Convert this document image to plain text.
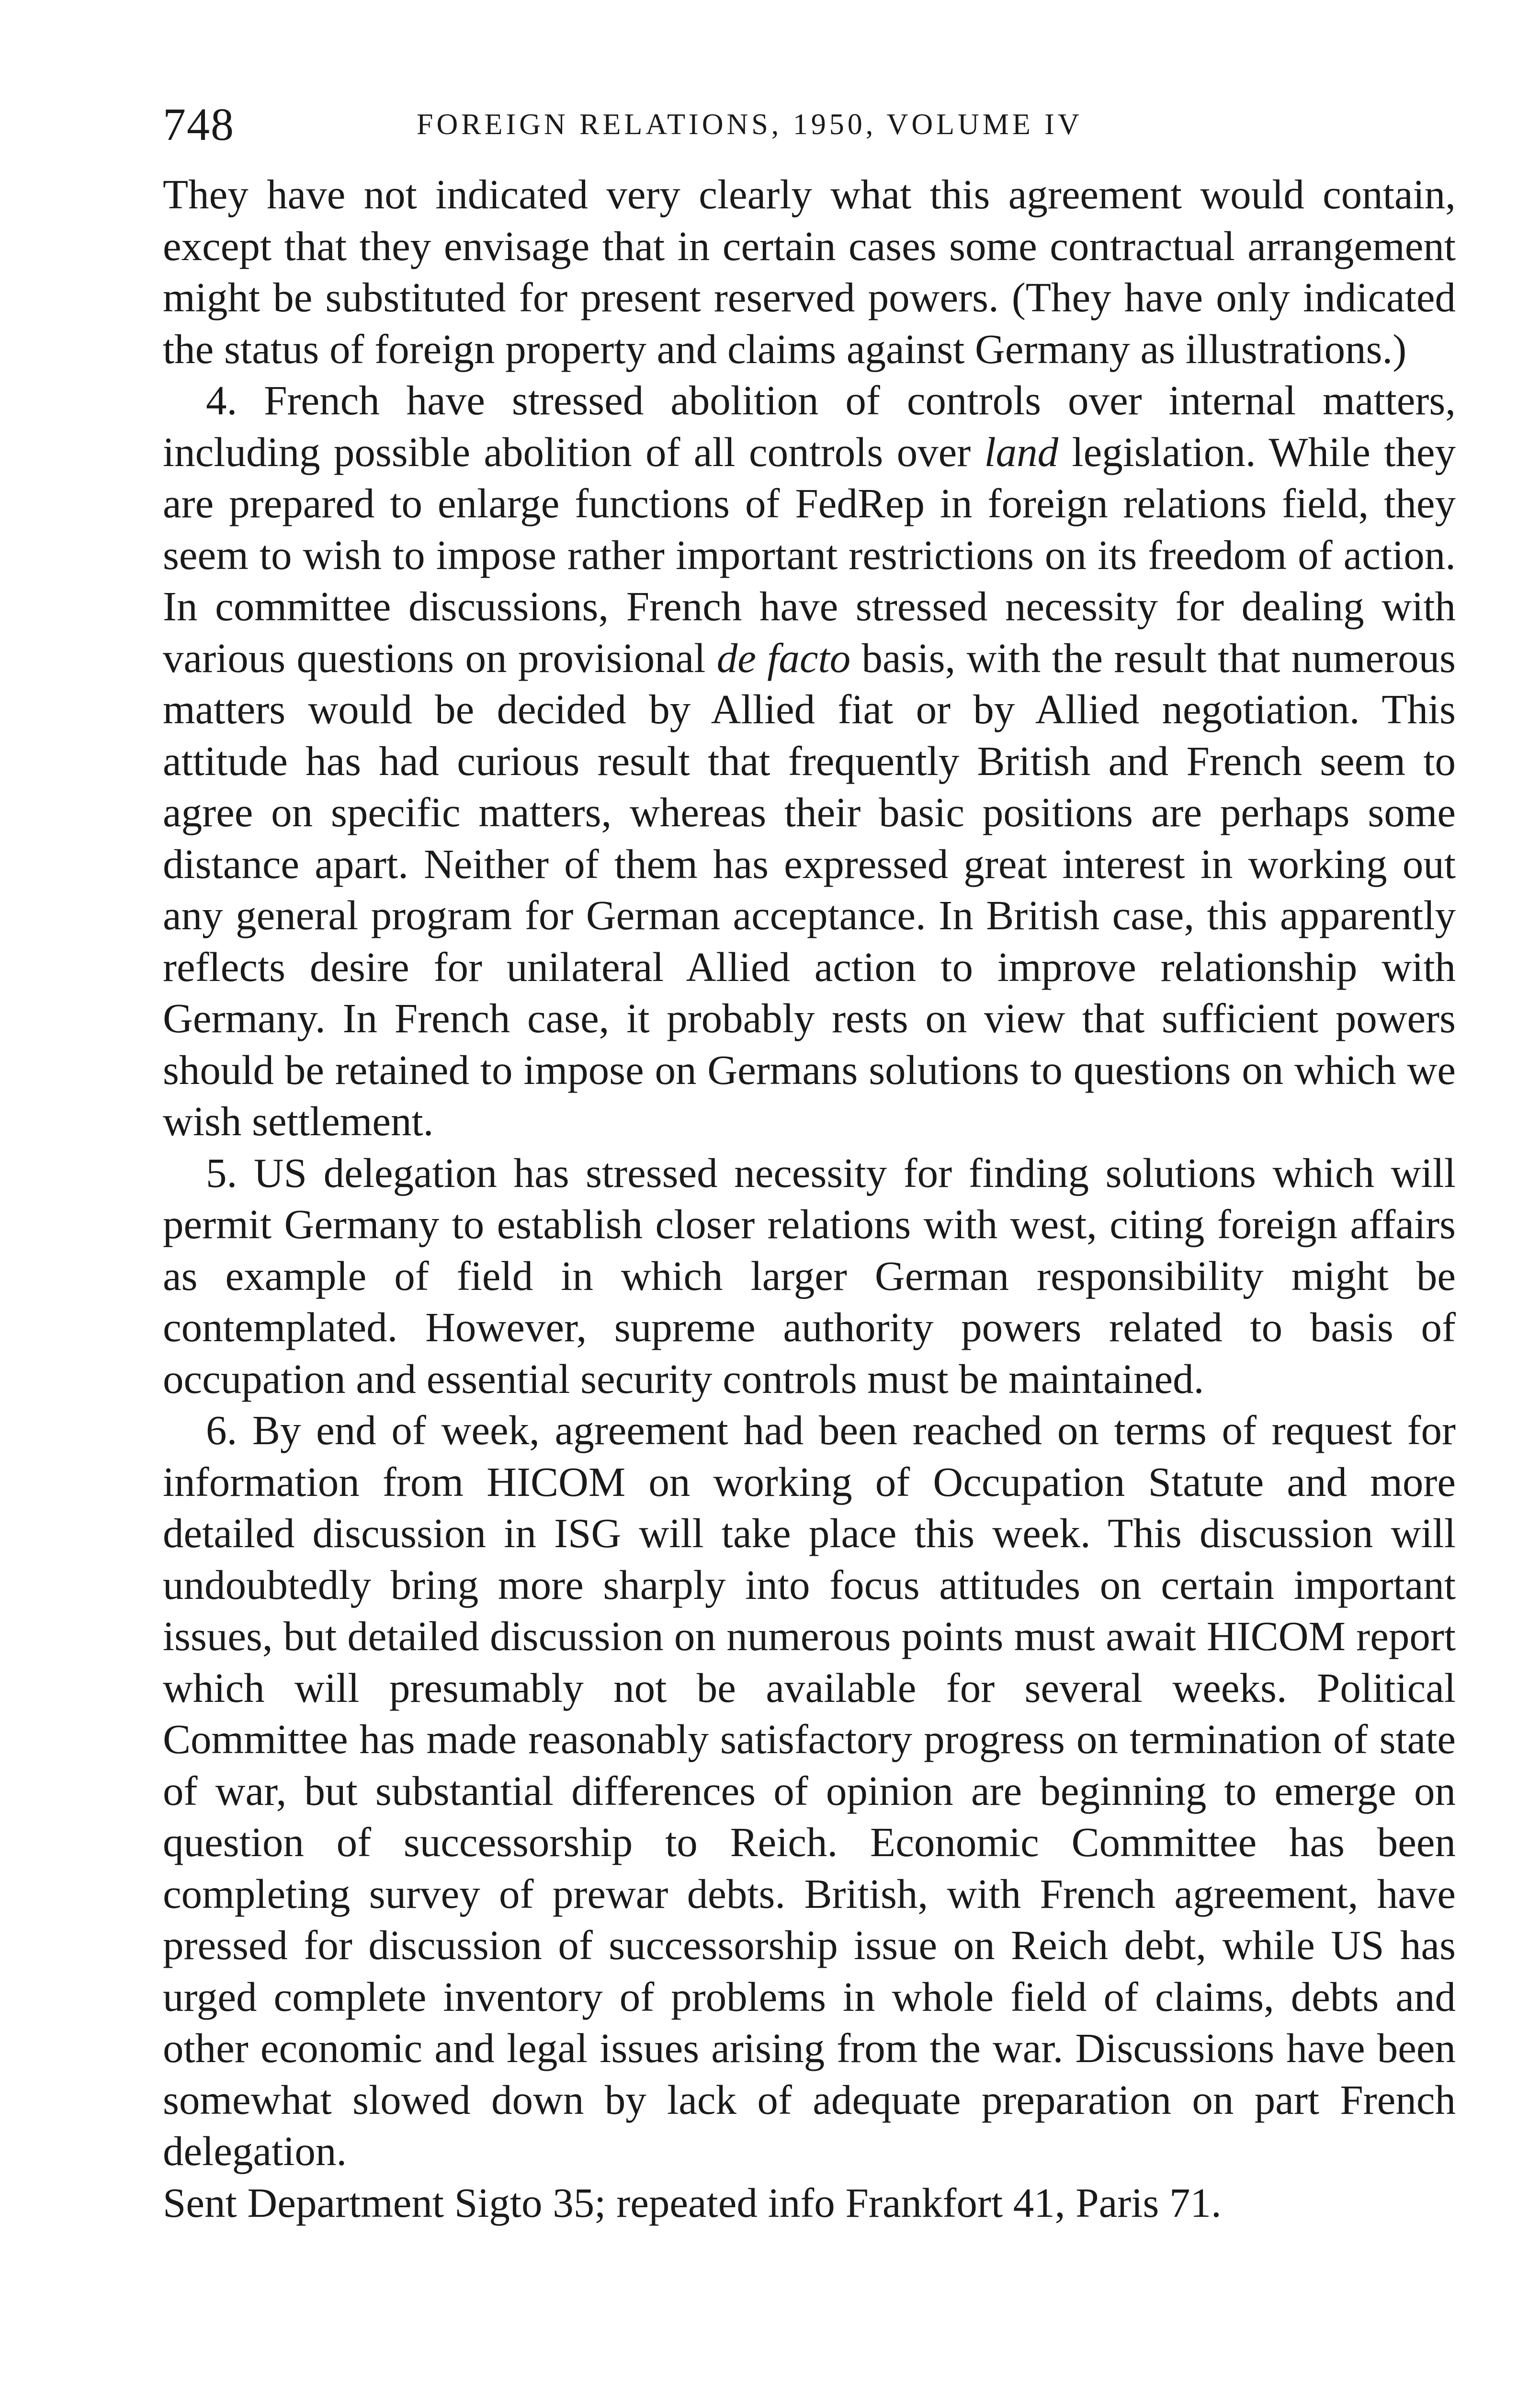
748	FOREIGN RELATIONS, 1950, VOLUME IV

They have not indicated very clearly what this agreement would contain, except that they envisage that in certain cases some contractual arrangement might be substituted for present reserved powers. (They have only indicated the status of foreign property and claims against Germany as illustrations.)

4. French have stressed abolition of controls over internal matters, including possible abolition of all controls over land legislation. While they are prepared to enlarge functions of FedRep in foreign relations field, they seem to wish to impose rather important restrictions on its freedom of action. In committee discussions, French have stressed necessity for dealing with various questions on provisional de facto basis, with the result that numerous matters would be decided by Allied fiat or by Allied negotiation. This attitude has had curious result that frequently British and French seem to agree on specific matters, whereas their basic positions are perhaps some distance apart. Neither of them has expressed great interest in working out any general program for German acceptance. In British case, this apparently reflects desire for unilateral Allied action to improve relationship with Germany. In French case, it probably rests on view that sufficient powers should be retained to impose on Germans solutions to questions on which we wish settlement.

5. US delegation has stressed necessity for finding solutions which will permit Germany to establish closer relations with west, citing foreign affairs as example of field in which larger German responsibility might be contemplated. However, supreme authority powers related to basis of occupation and essential security controls must be maintained.

6. By end of week, agreement had been reached on terms of request for information from HICOM on working of Occupation Statute and more detailed discussion in ISG will take place this week. This discussion will undoubtedly bring more sharply into focus attitudes on certain important issues, but detailed discussion on numerous points must await HICOM report which will presumably not be available for several weeks. Political Committee has made reasonably satisfactory progress on termination of state of war, but substantial differences of opinion are beginning to emerge on question of successorship to Reich. Economic Committee has been completing survey of prewar debts. British, with French agreement, have pressed for discussion of successorship issue on Reich debt, while US has urged complete inventory of problems in whole field of claims, debts and other economic and legal issues arising from the war. Discussions have been somewhat slowed down by lack of adequate preparation on part French delegation.

Sent Department Sigto 35; repeated info Frankfort 41, Paris 71.
